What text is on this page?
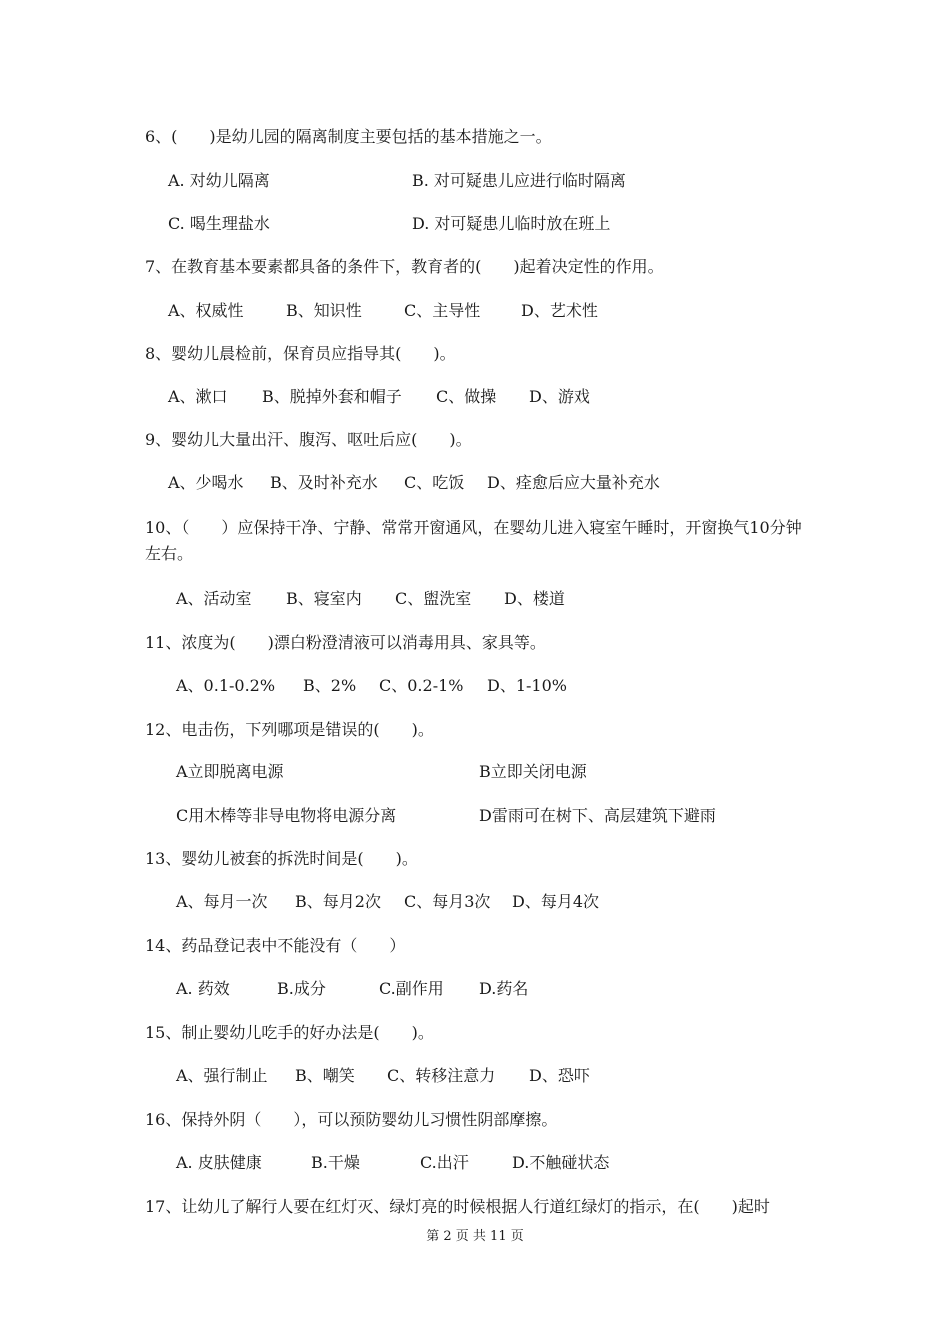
6、(　　)是幼儿园的隔离制度主要包括的基本措施之一。
A. 对幼儿隔离	B. 对可疑患儿应进行临时隔离
C. 喝生理盐水	D. 对可疑患儿临时放在班上
7、在教育基本要素都具备的条件下，教育者的(　　)起着决定性的作用。
A、权威性	B、知识性	C、主导性	D、艺术性
8、婴幼儿晨检前，保育员应指导其(　　)。
A、漱口 B、脱掉外套和帽子 C、做操 D、游戏
9、婴幼儿大量出汗、腹泻、呕吐后应(　　)。
A、少喝水 B、及时补充水 C、吃饭 D、痊愈后应大量补充水
10、（　　）应保持干净、宁静、常常开窗通风，在婴幼儿进入寝室午睡时，开窗换气10分钟左右。
A、活动室 B、寝室内 C、盥洗室 D、楼道
11、浓度为(　　)漂白粉澄清液可以消毒用具、家具等。
A、0.1-0.2% B、2% C、0.2-1% D、1-10%
12、电击伤，下列哪项是错误的(　　)。
A立即脱离电源	B立即关闭电源
C用木棒等非导电物将电源分离	D雷雨可在树下、高层建筑下避雨
13、婴幼儿被套的拆洗时间是(　　)。
A、每月一次 B、每月2次 C、每月3次 D、每月4次
14、药品登记表中不能没有（　　）
A. 药效	B.成分	C.副作用 D.药名
15、制止婴幼儿吃手的好办法是(　　)。
A、强行制止 B、嘲笑 C、转移注意力 D、恐吓
16、保持外阴（　　），可以预防婴幼儿习惯性阴部摩擦。
A. 皮肤健康	B.干燥	C.出汗	D.不触碰状态
17、让幼儿了解行人要在红灯灭、绿灯亮的时候根据人行道红绿灯的指示，在(　　)起时
第 2 页 共 11 页
